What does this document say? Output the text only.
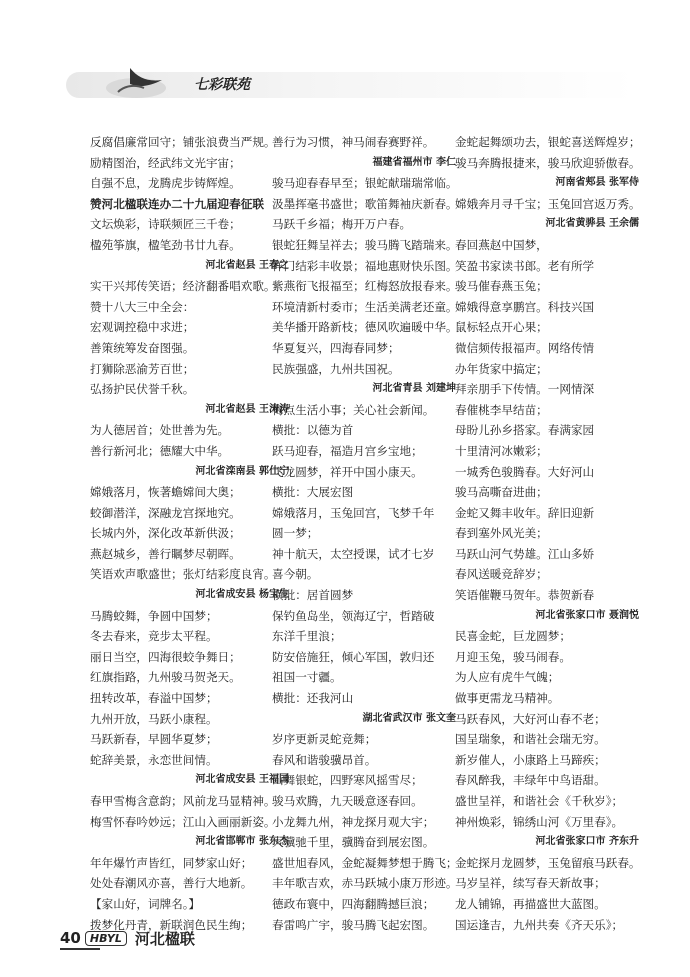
七彩联苑
反腐倡廉常回守；铺张浪费当严规。
励精图治，经武纬文光宇宙；
自强不息，龙腾虎步铸辉煌。
赞河北楹联连办二十九届迎春征联
文坛焕彩，诗联频匠三千卷；
楹苑筝旗，楹笔劲书廿九春。
河北省赵县 王春之
实干兴邦传笑语；经济翻番唱欢歌。
赞十八大三中全会：
宏观调控稳中求进；
善策统筹发奋图强。
打狮除恶渝芳百世；
弘扬护民伏誉千秋。
河北省赵县 王涛涛
为人德居首；处世善为先。
善行新河北；德耀大中华。
河北省滦南县 郭仕宁
嫦娥落月，恢著蟾嫦间大奥；
蛟御潜洋，深融龙宫探地究。
长城内外，深化改革新供汲；
燕赵城乡，善行瞩梦尽朝晖。
笑语欢声歌盛世；张灯结彩度良宵。
河北省成安县 杨宝生
马腾蛟舞，争圆中国梦；
冬去春来，竞步太平程。
丽日当空，四海很蛟争舞日；
红旗指路，九州骏马贺尧天。
扭转改革，春溢中国梦；
九州开放，马跃小康程。
马跃新春，早圆华夏梦；
蛇辞美景，永恋世间情。
河北省成安县 王福国
春甲雪梅含意韵；风前龙马显精神。
梅雪怀春吟妙远；江山入画丽新姿。
河北省邯郸市 张东杰
年年爆竹声皆红，同梦家山好；
处处春潮风亦喜，善行大地新。
【家山好，词牌名。】
拨梦化丹青，新联润色民生绚；
善行为习惯，神马闹春赛野祥。
福建省福州市 李仁
骏马迎春春早至；银蛇献瑞瑞常临。
汲墨挥毫书盛世；歌笛舞袖庆新春。
马跃千乡福；梅开万户春。
银蛇狂舞呈祥去；骏马腾飞踏瑞来。
祥门结彩丰收景；福地惠财快乐图。
紫燕衔飞报福至；红梅怒放报春来。
环境清新村委市；生活美满老还童。
美华播开路新枝；德风吹遍暖中华。
华夏复兴，四海春同梦；
民族强盛，九州共国祝。
河北省青县 刘建坤
梅点生活小事；关心社会新闻。
横批：以德为首
跃马迎春，福造月宫乡宝地；
飞龙圆梦，祥开中国小康天。
横批：大展宏图
嫦娥落月，玉兔回宫，飞梦千年
圆一梦；
神十航天，太空授课，试才七岁
喜今朝。
横批：居首圆梦
保钓鱼岛坐，领海辽宁，哲踏破
东洋千里浪；
防安倍施狂，倾心军国，敦归还
祖国一寸疆。
横批：还我河山
湖北省武汉市 张文奎
岁序更新灵蛇竞舞；
春风和谐骏骥昂首。
山舞银蛇，四野寒风摇雪尽；
骏马欢腾，九天暖意逐春回。
小龙舞九州，神龙探月观大宇；
大骥驰千里，骥腾奋到展宏图。
盛世旭春风，金蛇凝舞梦想于腾飞；
丰年歌吉欢，赤马跃城小康万形迹。
德政布寰中，四海翻腾撼巨浪；
春雷鸣广宇，骏马腾飞起宏图。
金蛇起舞颂功去，银蛇喜送辉煌岁；
骏马奔腾报捷来，骏马欣迎骄傲春。
河南省郏县 张军侍
嫦娥奔月寻千宝；玉兔回宫返万秀。
河北省黄骅县 王余儒
春回燕赵中国梦，
笑盈书家读书郎。老有所学
骏马催春燕玉兔；
嫦娥得意享鹏宫。科技兴国
鼠标轻点开心果；
微信频传报福声。网络传情
办年货家中搞定；
拜亲朋手下传情。一网情深
春催桃李早结苗；
母盼儿孙乡搭家。春满家园
十里清河冰嫩彩；
一城秀色骏腾春。大好河山
骏马高嘶奋进曲；
金蛇又舞丰收年。辞旧迎新
春到塞外风光美；
马跃山河气势雄。江山多娇
春风送暖竞辞岁；
笑语催鞭马贺年。恭贺新春
河北省张家口市 聂润悦
民喜金蛇，巨龙圆梦；
月迎玉兔，骏马闹春。
为人应有虎牛气魄；
做事更需龙马精神。
马跃春风，大好河山春不老；
国呈瑞象，和谐社会瑞无穷。
新岁催人，小康路上马蹄疾；
春风醉我，丰绿年中鸟语甜。
盛世呈祥，和谐社会《千秋岁》；
神州焕彩，锦绣山河《万里春》。
河北省张家口市 齐东升
金蛇探月龙圆梦，玉兔留痕马跃春。
马岁呈祥，续写春天新故事；
龙人铺锦，再描盛世大蓝图。
国运逢吉，九州共奏《齐天乐》；
40 HBYL 河北楹联
